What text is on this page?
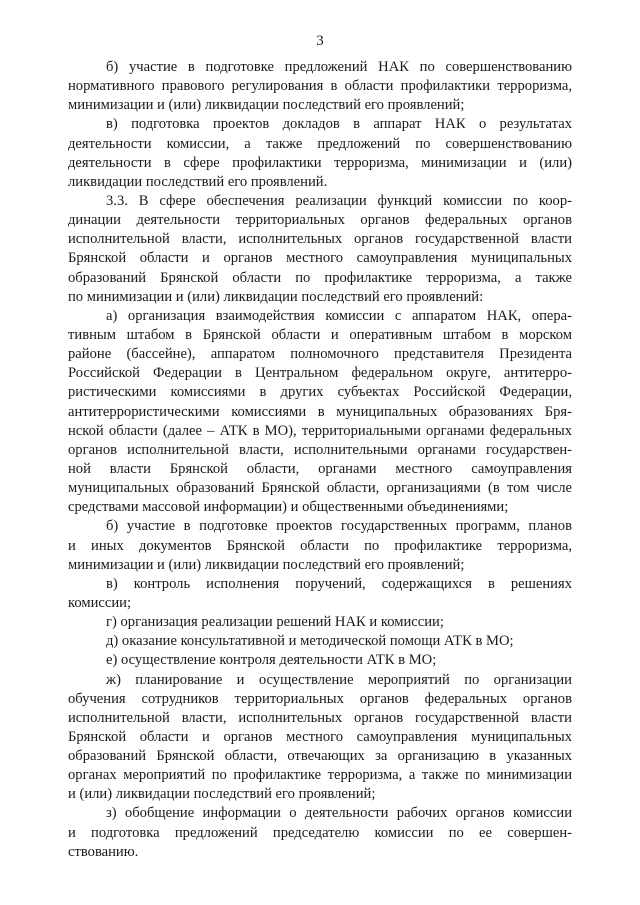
3
б) участие в подготовке предложений НАК по совершенствованию
нормативного правового регулирования в области профилактики терроризма,
минимизации и (или) ликвидации последствий его проявлений;
в) подготовка проектов докладов в аппарат НАК о результатах
деятельности комиссии, а также предложений по совершенствованию
деятельности в сфере профилактики терроризма, минимизации и (или)
ликвидации последствий его проявлений.
3.3. В сфере обеспечения реализации функций комиссии по коор-
динации деятельности территориальных органов федеральных органов
исполнительной власти, исполнительных органов государственной власти
Брянской области и органов местного самоуправления муниципальных
образований Брянской области по профилактике терроризма, а также
по минимизации и (или) ликвидации последствий его проявлений:
а) организация взаимодействия комиссии с аппаратом НАК, опера-
тивным штабом в Брянской области и оперативным штабом в морском
районе (бассейне), аппаратом полномочного представителя Президента
Российской Федерации в Центральном федеральном округе, антитерро-
ристическими комиссиями в других субъектах Российской Федерации,
антитеррористическими комиссиями в муниципальных образованиях Бря-
нской области (далее – АТК в МО), территориальными органами федеральных
органов исполнительной власти, исполнительными органами государствен-
ной власти Брянской области, органами местного самоуправления
муниципальных образований Брянской области, организациями (в том числе
средствами массовой информации) и общественными объединениями;
б) участие в подготовке проектов государственных программ, планов
и иных документов Брянской области по профилактике терроризма,
минимизации и (или) ликвидации последствий его проявлений;
в) контроль исполнения поручений, содержащихся в решениях
комиссии;
г) организация реализации решений НАК и комиссии;
д) оказание консультативной и методической помощи АТК в МО;
е) осуществление контроля деятельности АТК в МО;
ж) планирование и осуществление мероприятий по организации
обучения сотрудников территориальных органов федеральных органов
исполнительной власти, исполнительных органов государственной власти
Брянской области и органов местного самоуправления муниципальных
образований Брянской области, отвечающих за организацию в указанных
органах мероприятий по профилактике терроризма, а также по минимизации
и (или) ликвидации последствий его проявлений;
з) обобщение информации о деятельности рабочих органов комиссии
и подготовка предложений председателю комиссии по ее совершен-
ствованию.
